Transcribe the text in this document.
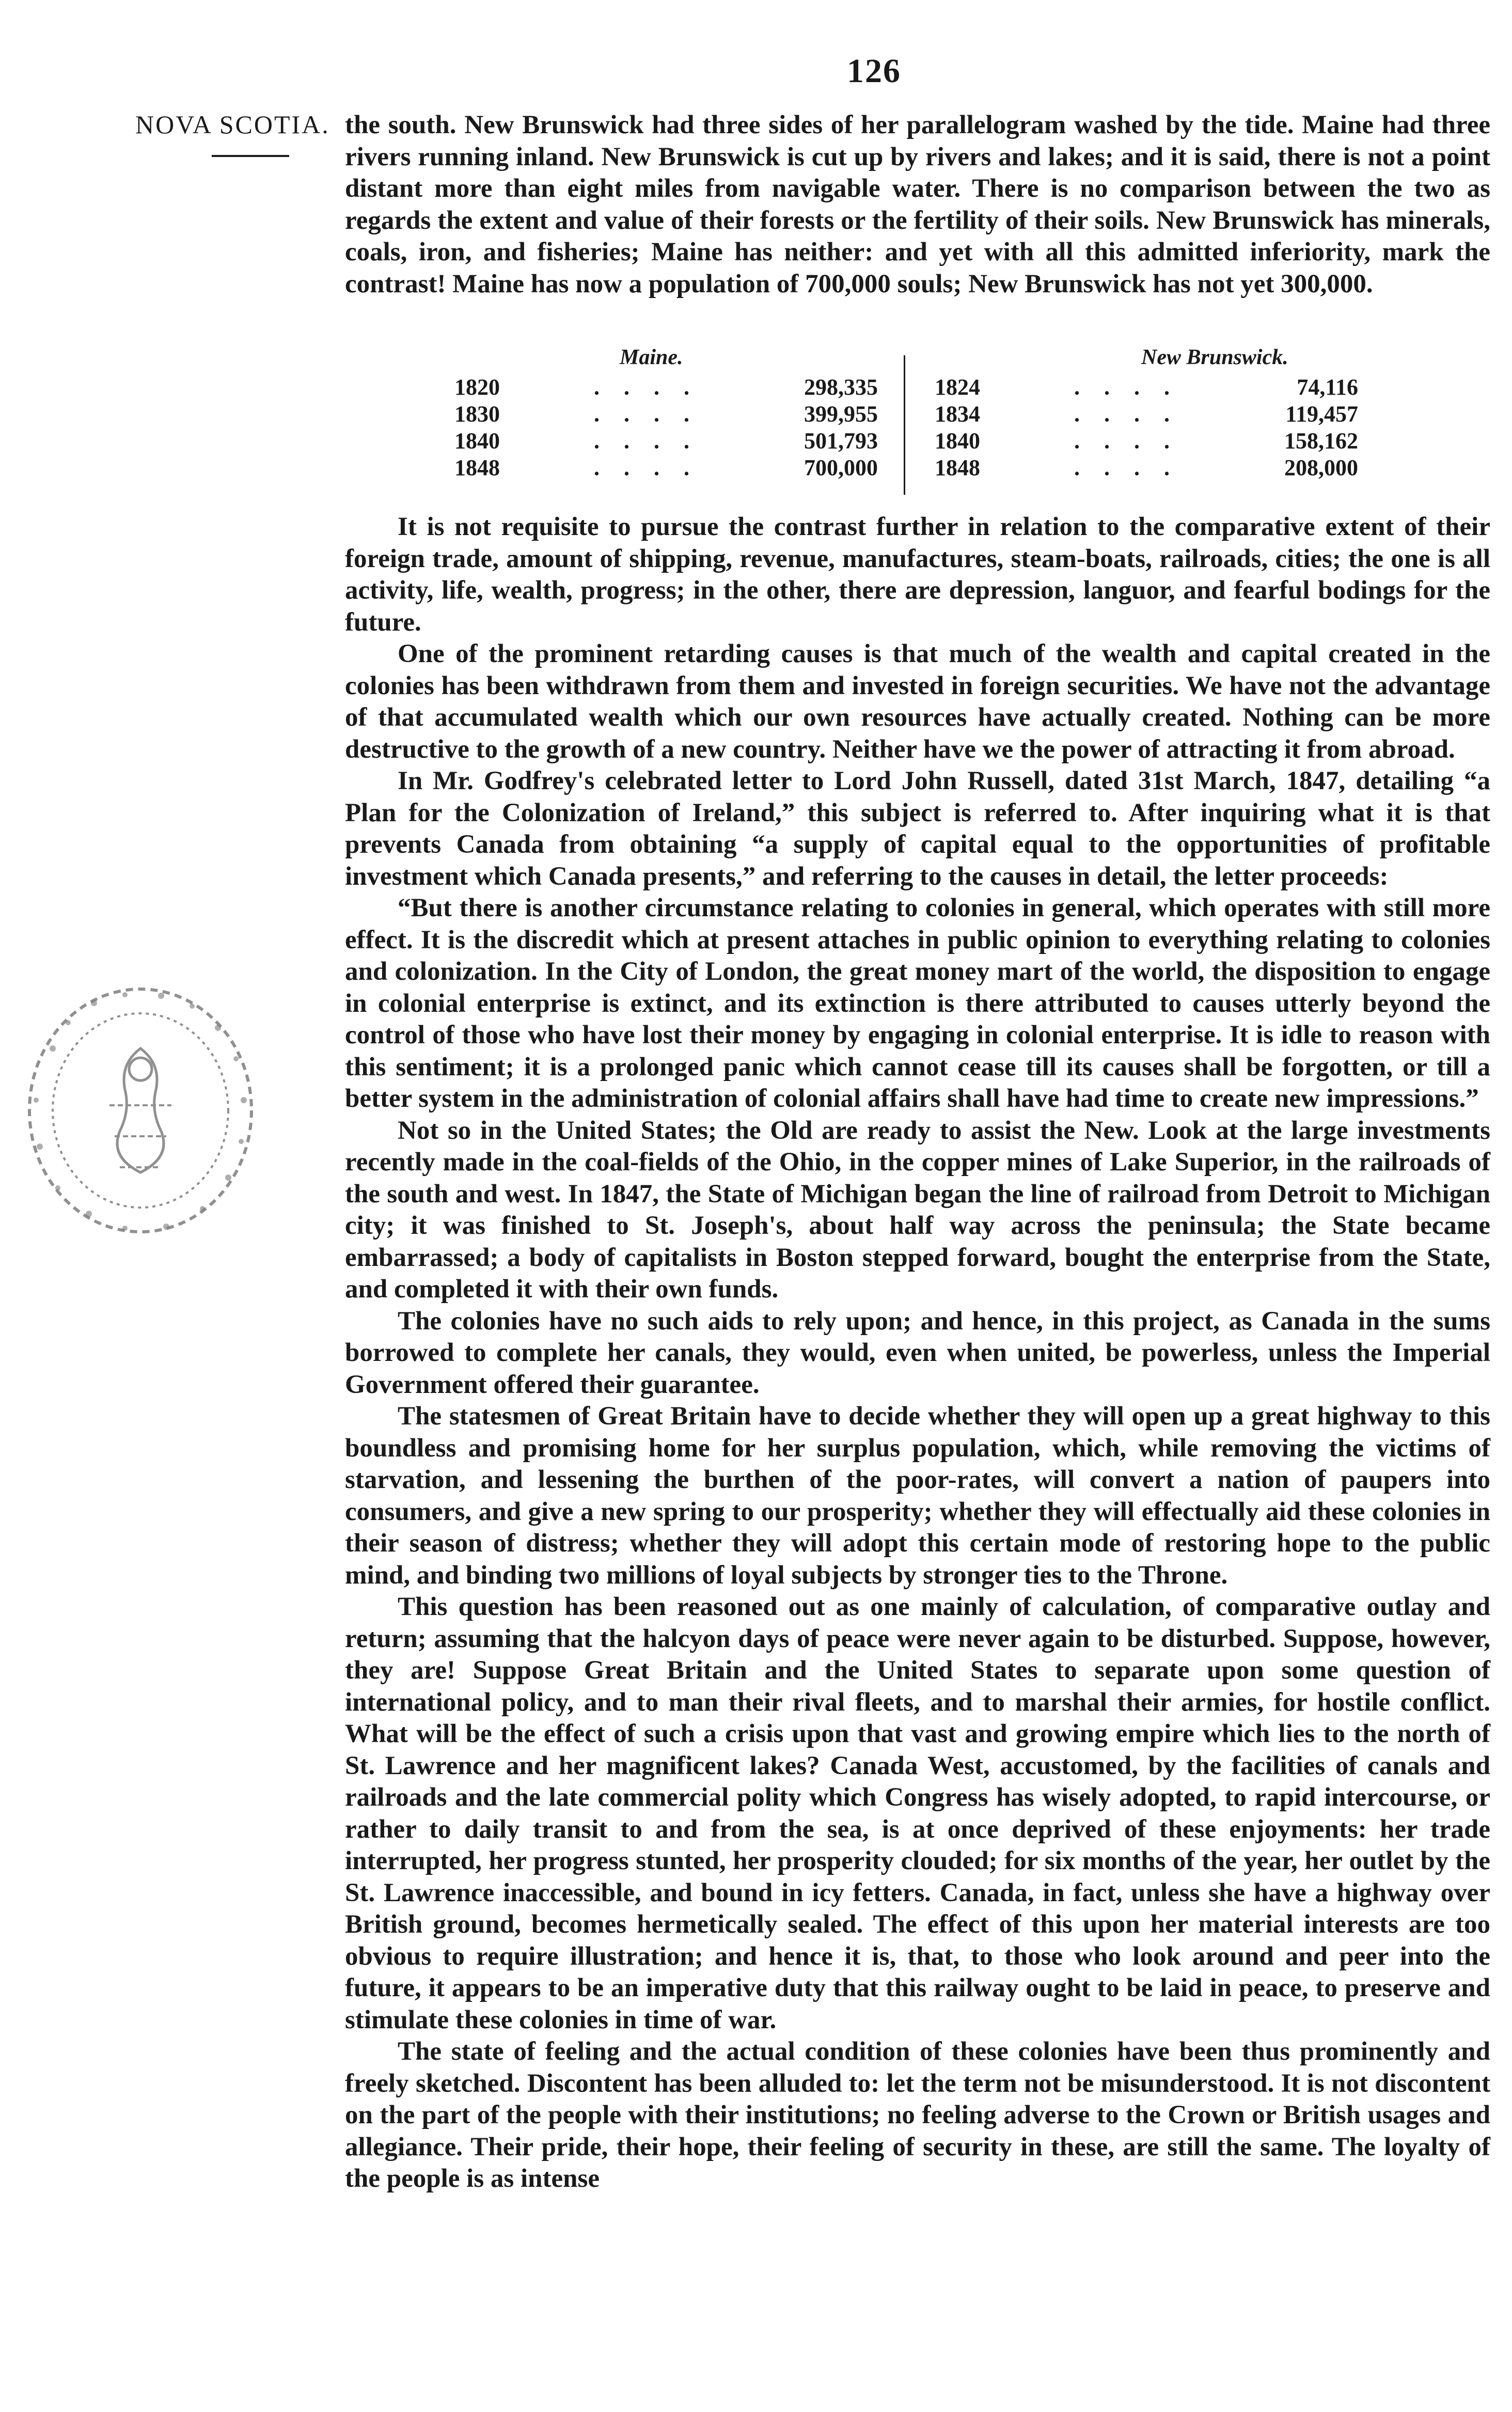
126
NOVA SCOTIA. the south. New Brunswick had three sides of her parallelogram washed by the tide. Maine had three rivers running inland. New Brunswick is cut up by rivers and lakes; and it is said, there is not a point distant more than eight miles from navigable water. There is no comparison between the two as regards the extent and value of their forests or the fertility of their soils. New Brunswick has minerals, coals, iron, and fisheries; Maine has neither: and yet with all this admitted inferiority, mark the contrast! Maine has now a population of 700,000 souls; New Brunswick has not yet 300,000.

Maine.
1820	. . . .	298,335
1830	. . . .	399,955
1840	. . . .	501,793
1848	. . . .	700,000
New Brunswick.
1824	. . . .	74,116
1834	. . . .	119,457
1840	. . . .	158,162
1848	. . . .	208,000

It is not requisite to pursue the contrast further in relation to the comparative extent of their foreign trade, amount of shipping, revenue, manufactures, steam-boats, railroads, cities; the one is all activity, life, wealth, progress; in the other, there are depression, languor, and fearful bodings for the future.

One of the prominent retarding causes is that much of the wealth and capital created in the colonies has been withdrawn from them and invested in foreign securities. We have not the advantage of that accumulated wealth which our own resources have actually created. Nothing can be more destructive to the growth of a new country. Neither have we the power of attracting it from abroad.

In Mr. Godfrey's celebrated letter to Lord John Russell, dated 31st March, 1847, detailing “a Plan for the Colonization of Ireland,” this subject is referred to. After inquiring what it is that prevents Canada from obtaining “a supply of capital equal to the opportunities of profitable investment which Canada presents,” and referring to the causes in detail, the letter proceeds:

“But there is another circumstance relating to colonies in general, which operates with still more effect. It is the discredit which at present attaches in public opinion to everything relating to colonies and colonization. In the City of London, the great money mart of the world, the disposition to engage in colonial enterprise is extinct, and its extinction is there attributed to causes utterly beyond the control of those who have lost their money by engaging in colonial enterprise. It is idle to reason with this sentiment; it is a prolonged panic which cannot cease till its causes shall be forgotten, or till a better system in the administration of colonial affairs shall have had time to create new impressions.”

Not so in the United States; the Old are ready to assist the New. Look at the large investments recently made in the coal-fields of the Ohio, in the copper mines of Lake Superior, in the railroads of the south and west. In 1847, the State of Michigan began the line of railroad from Detroit to Michigan city; it was finished to St. Joseph's, about half way across the peninsula; the State became embarrassed; a body of capitalists in Boston stepped forward, bought the enterprise from the State, and completed it with their own funds.

The colonies have no such aids to rely upon; and hence, in this project, as Canada in the sums borrowed to complete her canals, they would, even when united, be powerless, unless the Imperial Government offered their guarantee.

The statesmen of Great Britain have to decide whether they will open up a great highway to this boundless and promising home for her surplus population, which, while removing the victims of starvation, and lessening the burthen of the poor-rates, will convert a nation of paupers into consumers, and give a new spring to our prosperity; whether they will effectually aid these colonies in their season of distress; whether they will adopt this certain mode of restoring hope to the public mind, and binding two millions of loyal subjects by stronger ties to the Throne.

This question has been reasoned out as one mainly of calculation, of comparative outlay and return; assuming that the halcyon days of peace were never again to be disturbed. Suppose, however, they are! Suppose Great Britain and the United States to separate upon some question of international policy, and to man their rival fleets, and to marshal their armies, for hostile conflict. What will be the effect of such a crisis upon that vast and growing empire which lies to the north of St. Lawrence and her magnificent lakes? Canada West, accustomed, by the facilities of canals and railroads and the late commercial polity which Congress has wisely adopted, to rapid intercourse, or rather to daily transit to and from the sea, is at once deprived of these enjoyments: her trade interrupted, her progress stunted, her prosperity clouded; for six months of the year, her outlet by the St. Lawrence inaccessible, and bound in icy fetters. Canada, in fact, unless she have a highway over British ground, becomes hermetically sealed. The effect of this upon her material interests are too obvious to require illustration; and hence it is, that, to those who look around and peer into the future, it appears to be an imperative duty that this railway ought to be laid in peace, to preserve and stimulate these colonies in time of war.

The state of feeling and the actual condition of these colonies have been thus prominently and freely sketched. Discontent has been alluded to: let the term not be misunderstood. It is not discontent on the part of the people with their institutions; no feeling adverse to the Crown or British usages and allegiance. Their pride, their hope, their feeling of security in these, are still the same. The loyalty of the people is as intense
